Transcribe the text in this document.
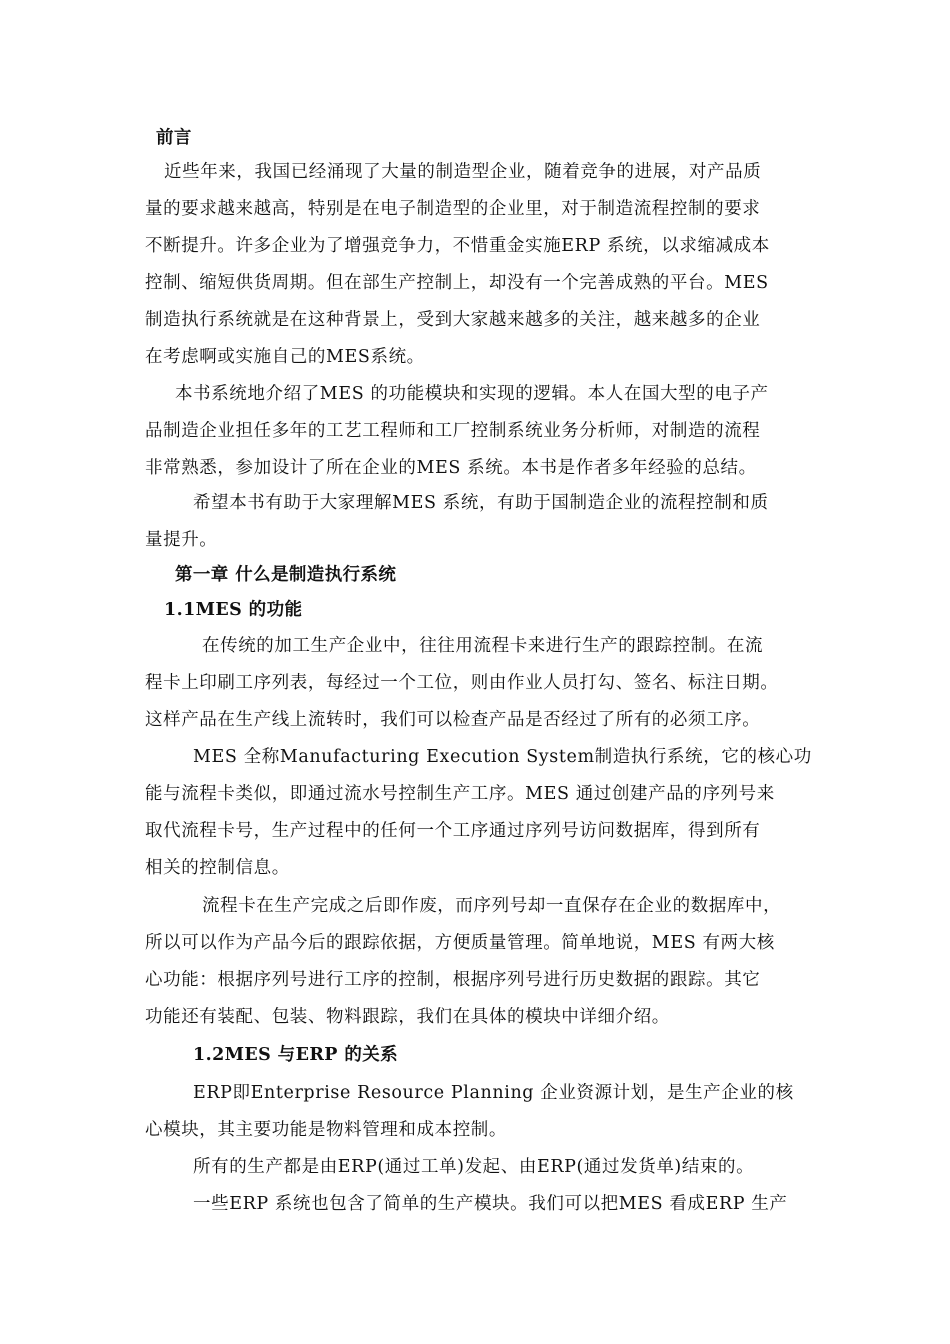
前言
近些年来，我国已经涌现了大量的制造型企业，随着竞争的进展，对产品质
量的要求越来越高，特别是在电子制造型的企业里，对于制造流程控制的要求
不断提升。许多企业为了增强竞争力，不惜重金实施ERP 系统，以求缩减成本
控制、缩短供货周期。但在部生产控制上，却没有一个完善成熟的平台。MES
制造执行系统就是在这种背景上，受到大家越来越多的关注，越来越多的企业
在考虑啊或实施自己的MES系统。
本书系统地介绍了MES 的功能模块和实现的逻辑。本人在国大型的电子产
品制造企业担任多年的工艺工程师和工厂控制系统业务分析师，对制造的流程
非常熟悉，参加设计了所在企业的MES 系统。本书是作者多年经验的总结。
希望本书有助于大家理解MES 系统，有助于国制造企业的流程控制和质
量提升。
第一章 什么是制造执行系统
1.1MES 的功能
在传统的加工生产企业中，往往用流程卡来进行生产的跟踪控制。在流
程卡上印刷工序列表，每经过一个工位，则由作业人员打勾、签名、标注日期。
这样产品在生产线上流转时，我们可以检查产品是否经过了所有的必须工序。
MES 全称Manufacturing Execution System制造执行系统，它的核心功
能与流程卡类似，即通过流水号控制生产工序。MES 通过创建产品的序列号来
取代流程卡号，生产过程中的任何一个工序通过序列号访问数据库，得到所有
相关的控制信息。
流程卡在生产完成之后即作废，而序列号却一直保存在企业的数据库中，
所以可以作为产品今后的跟踪依据，方便质量管理。简单地说，MES 有两大核
心功能：根据序列号进行工序的控制，根据序列号进行历史数据的跟踪。其它
功能还有装配、包装、物料跟踪，我们在具体的模块中详细介绍。
1.2MES 与ERP 的关系
ERP即Enterprise Resource Planning 企业资源计划，是生产企业的核
心模块，其主要功能是物料管理和成本控制。
所有的生产都是由ERP(通过工单)发起、由ERP(通过发货单)结束的。
一些ERP 系统也包含了简单的生产模块。我们可以把MES 看成ERP 生产
